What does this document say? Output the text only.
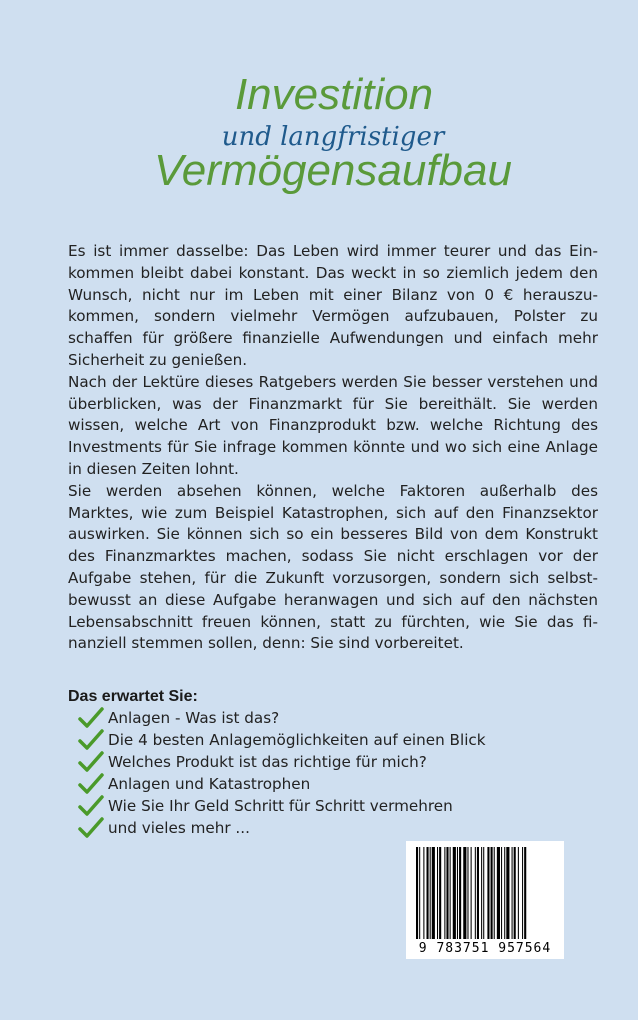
Investition
und langfristiger
Vermögensaufbau

Es ist immer dasselbe: Das Leben wird immer teurer und das Einkommen bleibt dabei konstant. Das weckt in so ziemlich jedem den Wunsch, nicht nur im Leben mit einer Bilanz von 0 € herauszukommen, sondern vielmehr Vermögen aufzubauen, Polster zu schaffen für größere finanzielle Aufwendungen und einfach mehr Sicherheit zu genießen.

Nach der Lektüre dieses Ratgebers werden Sie besser verstehen und überblicken, was der Finanzmarkt für Sie bereithält. Sie werden wissen, welche Art von Finanzprodukt bzw. welche Richtung des Investments für Sie infrage kommen könnte und wo sich eine Anlage in diesen Zeiten lohnt.

Sie werden absehen können, welche Faktoren außerhalb des Marktes, wie zum Beispiel Katastrophen, sich auf den Finanzsektor auswirken. Sie können sich so ein besseres Bild von dem Konstrukt des Finanzmarktes machen, sodass Sie nicht erschlagen vor der Aufgabe stehen, für die Zukunft vorzusorgen, sondern sich selbstbewusst an diese Aufgabe heranwagen und sich auf den nächsten Lebensabschnitt freuen können, statt zu fürchten, wie Sie das finanziell stemmen sollen, denn: Sie sind vorbereitet.

Das erwartet Sie:
Anlagen - Was ist das?
Die 4 besten Anlagemöglichkeiten auf einen Blick
Welches Produkt ist das richtige für mich?
Anlagen und Katastrophen
Wie Sie Ihr Geld Schritt für Schritt vermehren
und vieles mehr ...
9 783751 957564
